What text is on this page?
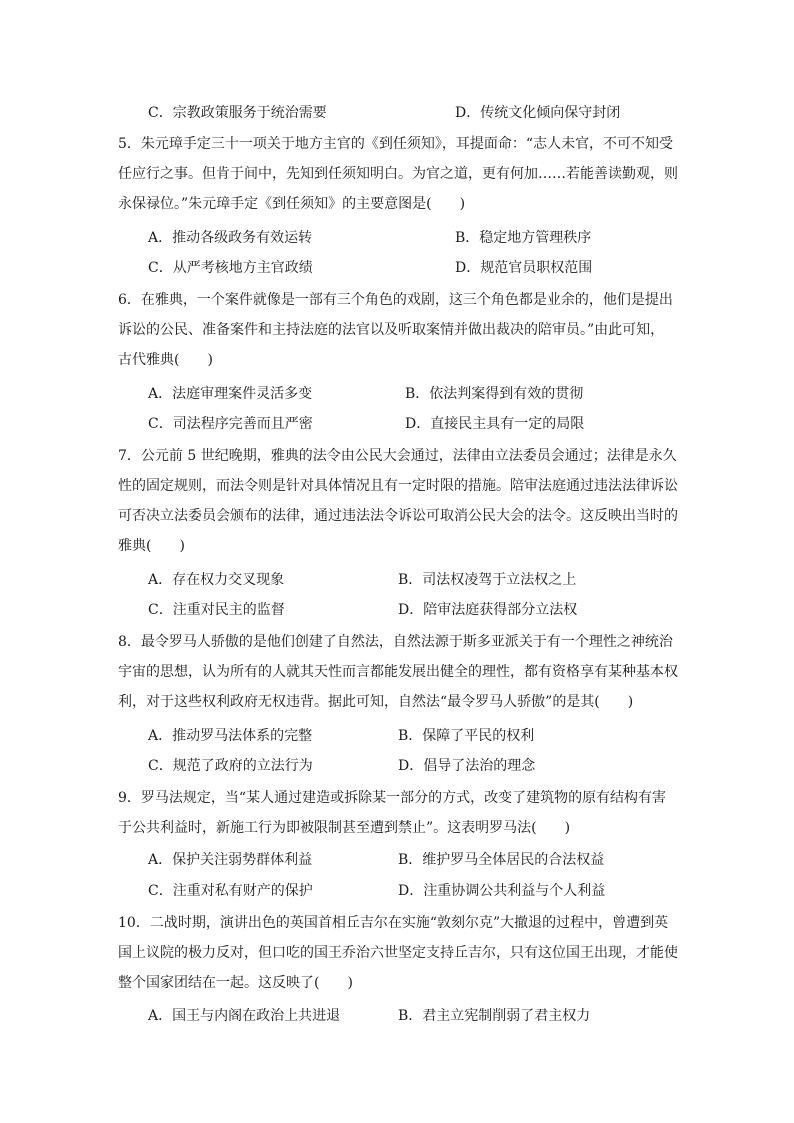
C．宗教政策服务于统治需要	D．传统文化倾向保守封闭
5．朱元璋手定三十一项关于地方主官的《到任须知》，耳提面命：“志人未官，不可不知受
任应行之事。但肯于间中，先知到任须知明白。为官之道，更有何加……若能善读勤观，则
永保禄位。”朱元璋手定《到任须知》的主要意图是(　　)
A．推动各级政务有效运转	B．稳定地方管理秩序
C．从严考核地方主官政绩	D．规范官员职权范围
6．在雅典，一个案件就像是一部有三个角色的戏剧，这三个角色都是业余的，他们是提出
诉讼的公民、准备案件和主持法庭的法官以及听取案情并做出裁决的陪审员。”由此可知，
古代雅典(　　)
A．法庭审理案件灵活多变	B．依法判案得到有效的贯彻
C．司法程序完善而且严密	D．直接民主具有一定的局限
7．公元前 5 世纪晚期，雅典的法令由公民大会通过，法律由立法委员会通过；法律是永久
性的固定规则，而法令则是针对具体情况且有一定时限的措施。陪审法庭通过违法法律诉讼
可否决立法委员会颁布的法律，通过违法法令诉讼可取消公民大会的法令。这反映出当时的
雅典(　　)
A．存在权力交叉现象	B．司法权凌驾于立法权之上
C．注重对民主的监督	D．陪审法庭获得部分立法权
8．最令罗马人骄傲的是他们创建了自然法，自然法源于斯多亚派关于有一个理性之神统治
宇宙的思想，认为所有的人就其天性而言都能发展出健全的理性，都有资格享有某种基本权
利，对于这些权利政府无权违背。据此可知，自然法“最令罗马人骄傲”的是其(　　)
A．推动罗马法体系的完整	B．保障了平民的权利
C．规范了政府的立法行为	D．倡导了法治的理念
9．罗马法规定，当“某人通过建造或拆除某一部分的方式，改变了建筑物的原有结构有害
于公共利益时，新施工行为即被限制甚至遭到禁止”。这表明罗马法(　　)
A．保护关注弱势群体利益	B．维护罗马全体居民的合法权益
C．注重对私有财产的保护	D．注重协调公共利益与个人利益
10．二战时期，演讲出色的英国首相丘吉尔在实施“敦刻尔克”大撤退的过程中，曾遭到英
国上议院的极力反对，但口吃的国王乔治六世坚定支持丘吉尔，只有这位国王出现，才能使
整个国家团结在一起。这反映了(　　)
A．国王与内阁在政治上共进退	B．君主立宪制削弱了君主权力
